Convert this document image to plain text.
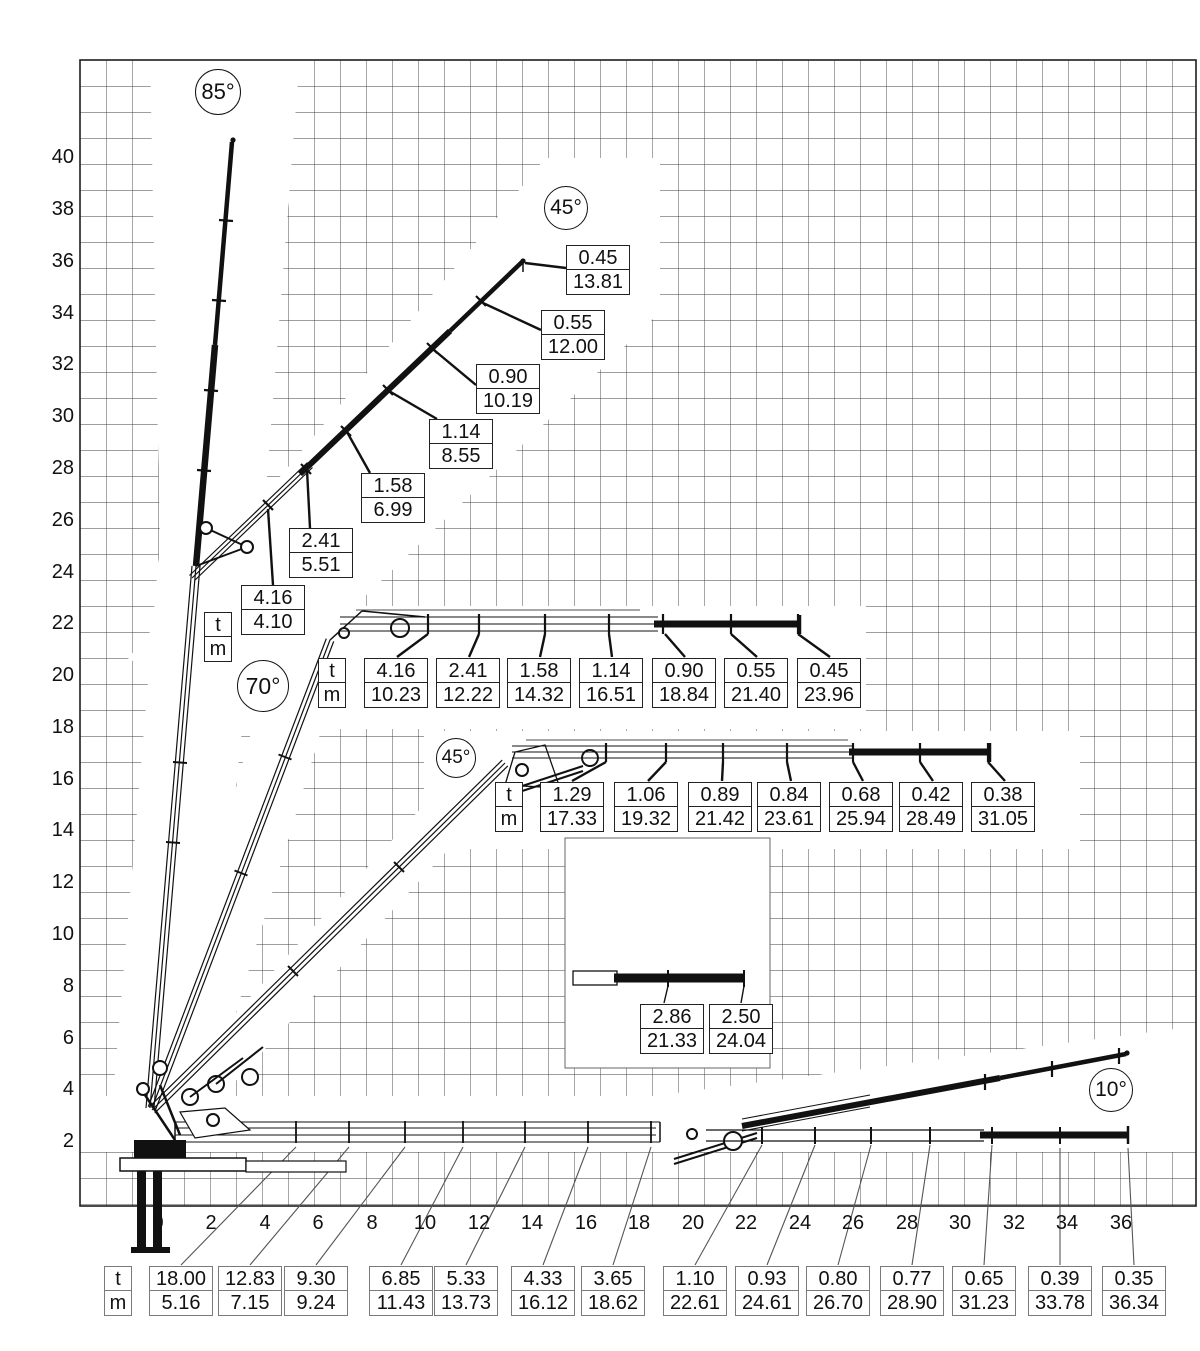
85°
45°
70°
45°
10°
t
m
4.16
4.10
2.41
5.51
1.58
6.99
1.14
8.55
0.90
10.19
0.55
12.00
0.45
13.81
t
m
4.16
10.23
2.41
12.22
1.58
14.32
1.14
16.51
0.90
18.84
0.55
21.40
0.45
23.96
t
m
1.29
17.33
1.06
19.32
0.89
21.42
0.84
23.61
0.68
25.94
0.42
28.49
0.38
31.05
2.86
21.33
2.50
24.04
t
m
18.00
5.16
12.83
7.15
9.30
9.24
6.85
11.43
5.33
13.73
4.33
16.12
3.65
18.62
1.10
22.61
0.93
24.61
0.80
26.70
0.77
28.90
0.65
31.23
0.39
33.78
0.35
36.34
40
38
36
34
32
30
28
26
24
22
20
18
16
14
12
10
8
6
4
2
0 2 4 6 8 10 12 14 16 18 20 22 24 26 28 30 32 34 36
